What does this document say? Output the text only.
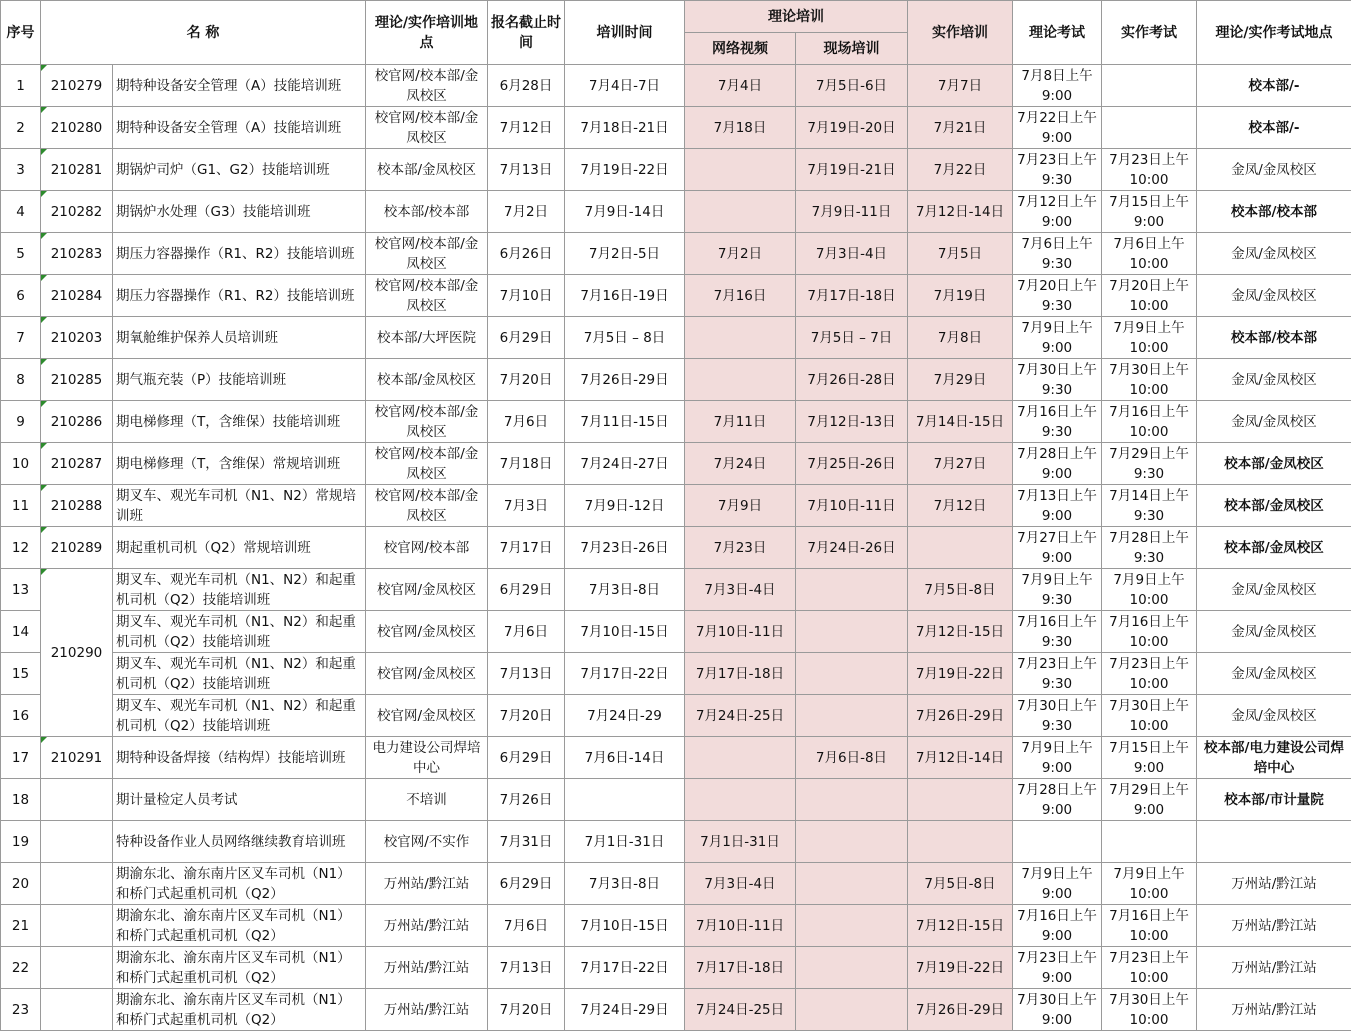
序号	名 称		理论/实作培训地点	报名截止时间	培训时间	理论培训		实作培训	理论考试	实作考试	理论/实作考试地点
						网络视频	现场培训				
1	210279	期特种设备安全管理（A）技能培训班	校官网/校本部/金凤校区	6月28日	7月4日-7日	7月4日	7月5日-6日	7月7日	7月8日上午9:00		校本部/-
2	210280	期特种设备安全管理（A）技能培训班	校官网/校本部/金凤校区	7月12日	7月18日-21日	7月18日	7月19日-20日	7月21日	7月22日上午9:00		校本部/-
3	210281	期锅炉司炉（G1、G2）技能培训班	校本部/金凤校区	7月13日	7月19日-22日		7月19日-21日	7月22日	7月23日上午9:30	7月23日上午10:00	金凤/金凤校区
4	210282	期锅炉水处理（G3）技能培训班	校本部/校本部	7月2日	7月9日-14日		7月9日-11日	7月12日-14日	7月12日上午9:00	7月15日上午9:00	校本部/校本部
5	210283	期压力容器操作（R1、R2）技能培训班	校官网/校本部/金凤校区	6月26日	7月2日-5日	7月2日	7月3日-4日	7月5日	7月6日上午9:30	7月6日上午10:00	金凤/金凤校区
6	210284	期压力容器操作（R1、R2）技能培训班	校官网/校本部/金凤校区	7月10日	7月16日-19日	7月16日	7月17日-18日	7月19日	7月20日上午9:30	7月20日上午10:00	金凤/金凤校区
7	210203	期氧舱维护保养人员培训班	校本部/大坪医院	6月29日	7月5日 – 8日		7月5日 – 7日	7月8日	7月9日上午9:00	7月9日上午10:00	校本部/校本部
8	210285	期气瓶充装（P）技能培训班	校本部/金凤校区	7月20日	7月26日-29日		7月26日-28日	7月29日	7月30日上午9:30	7月30日上午10:00	金凤/金凤校区
9	210286	期电梯修理（T，含维保）技能培训班	校官网/校本部/金凤校区	7月6日	7月11日-15日	7月11日	7月12日-13日	7月14日-15日	7月16日上午9:30	7月16日上午10:00	金凤/金凤校区
10	210287	期电梯修理（T，含维保）常规培训班	校官网/校本部/金凤校区	7月18日	7月24日-27日	7月24日	7月25日-26日	7月27日	7月28日上午9:00	7月29日上午9:30	校本部/金凤校区
11	210288	期叉车、观光车司机（N1、N2）常规培训班	校官网/校本部/金凤校区	7月3日	7月9日-12日	7月9日	7月10日-11日	7月12日	7月13日上午9:00	7月14日上午9:30	校本部/金凤校区
12	210289	期起重机司机（Q2）常规培训班	校官网/校本部	7月17日	7月23日-26日	7月23日	7月24日-26日		7月27日上午9:00	7月28日上午9:30	校本部/金凤校区
13	210290	期叉车、观光车司机（N1、N2）和起重机司机（Q2）技能培训班	校官网/金凤校区	6月29日	7月3日-8日	7月3日-4日		7月5日-8日	7月9日上午9:30	7月9日上午10:00	金凤/金凤校区
14		期叉车、观光车司机（N1、N2）和起重机司机（Q2）技能培训班	校官网/金凤校区	7月6日	7月10日-15日	7月10日-11日		7月12日-15日	7月16日上午9:30	7月16日上午10:00	金凤/金凤校区
15		期叉车、观光车司机（N1、N2）和起重机司机（Q2）技能培训班	校官网/金凤校区	7月13日	7月17日-22日	7月17日-18日		7月19日-22日	7月23日上午9:30	7月23日上午10:00	金凤/金凤校区
16		期叉车、观光车司机（N1、N2）和起重机司机（Q2）技能培训班	校官网/金凤校区	7月20日	7月24日-29	7月24日-25日		7月26日-29日	7月30日上午9:30	7月30日上午10:00	金凤/金凤校区
17	210291	期特种设备焊接（结构焊）技能培训班	电力建设公司焊培中心	6月29日	7月6日-14日		7月6日-8日	7月12日-14日	7月9日上午9:00	7月15日上午9:00	校本部/电力建设公司焊培中心
18		期计量检定人员考试	不培训	7月26日					7月28日上午9:00	7月29日上午9:00	校本部/市计量院
19		特种设备作业人员网络继续教育培训班	校官网/不实作	7月31日	7月1日-31日	7月1日-31日					
20		期渝东北、渝东南片区叉车司机（N1）和桥门式起重机司机（Q2）	万州站/黔江站	6月29日	7月3日-8日	7月3日-4日		7月5日-8日	7月9日上午9:00	7月9日上午10:00	万州站/黔江站
21		期渝东北、渝东南片区叉车司机（N1）和桥门式起重机司机（Q2）	万州站/黔江站	7月6日	7月10日-15日	7月10日-11日		7月12日-15日	7月16日上午9:00	7月16日上午10:00	万州站/黔江站
22		期渝东北、渝东南片区叉车司机（N1）和桥门式起重机司机（Q2）	万州站/黔江站	7月13日	7月17日-22日	7月17日-18日		7月19日-22日	7月23日上午9:00	7月23日上午10:00	万州站/黔江站
23		期渝东北、渝东南片区叉车司机（N1）和桥门式起重机司机（Q2）	万州站/黔江站	7月20日	7月24日-29日	7月24日-25日		7月26日-29日	7月30日上午9:00	7月30日上午10:00	万州站/黔江站
